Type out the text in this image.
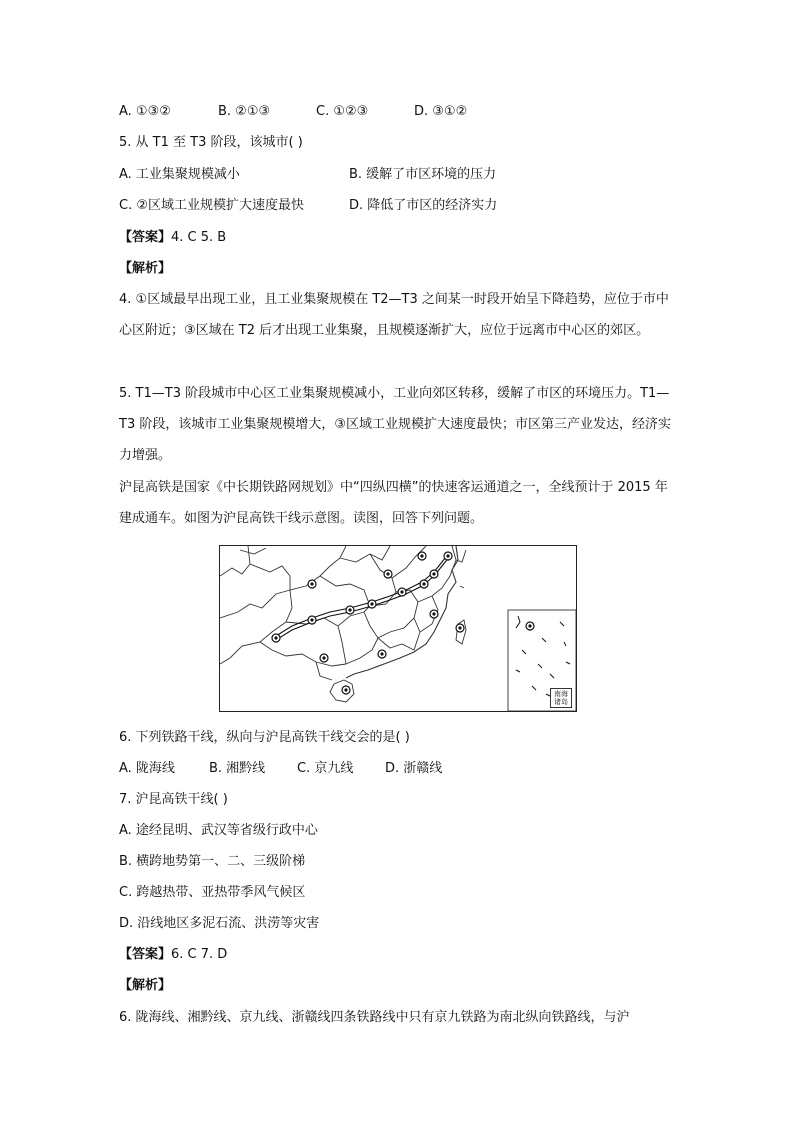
A. ①③②	B. ②①③	C. ①②③	D. ③①②
5. 从 T1 至 T3 阶段，该城市( )
A. 工业集聚规模减小	B. 缓解了市区环境的压力
C. ②区域工业规模扩大速度最快	D. 降低了市区的经济实力
【答案】4. C 5. B
【解析】
4. ①区域最早出现工业，且工业集聚规模在 T2—T3 之间某一时段开始呈下降趋势，应位于市中心区附近；③区域在 T2 后才出现工业集聚，且规模逐渐扩大，应位于远离市中心区的郊区。
5. T1—T3 阶段城市中心区工业集聚规模减小，工业向郊区转移，缓解了市区的环境压力。T1—T3 阶段，该城市工业集聚规模增大，③区域工业规模扩大速度最快；市区第三产业发达，经济实力增强。
沪昆高铁是国家《中长期铁路网规划》中“四纵四横”的快速客运通道之一，全线预计于 2015 年建成通车。如图为沪昆高铁干线示意图。读图，回答下列问题。
南海诸岛
6. 下列铁路干线，纵向与沪昆高铁干线交会的是( )
A. 陇海线	B. 湘黔线 C. 京九线 D. 浙赣线
7. 沪昆高铁干线( )
A. 途经昆明、武汉等省级行政中心
B. 横跨地势第一、二、三级阶梯
C. 跨越热带、亚热带季风气候区
D. 沿线地区多泥石流、洪涝等灾害
【答案】6. C 7. D
【解析】
6. 陇海线、湘黔线、京九线、浙赣线四条铁路线中只有京九铁路为南北纵向铁路线，与沪
